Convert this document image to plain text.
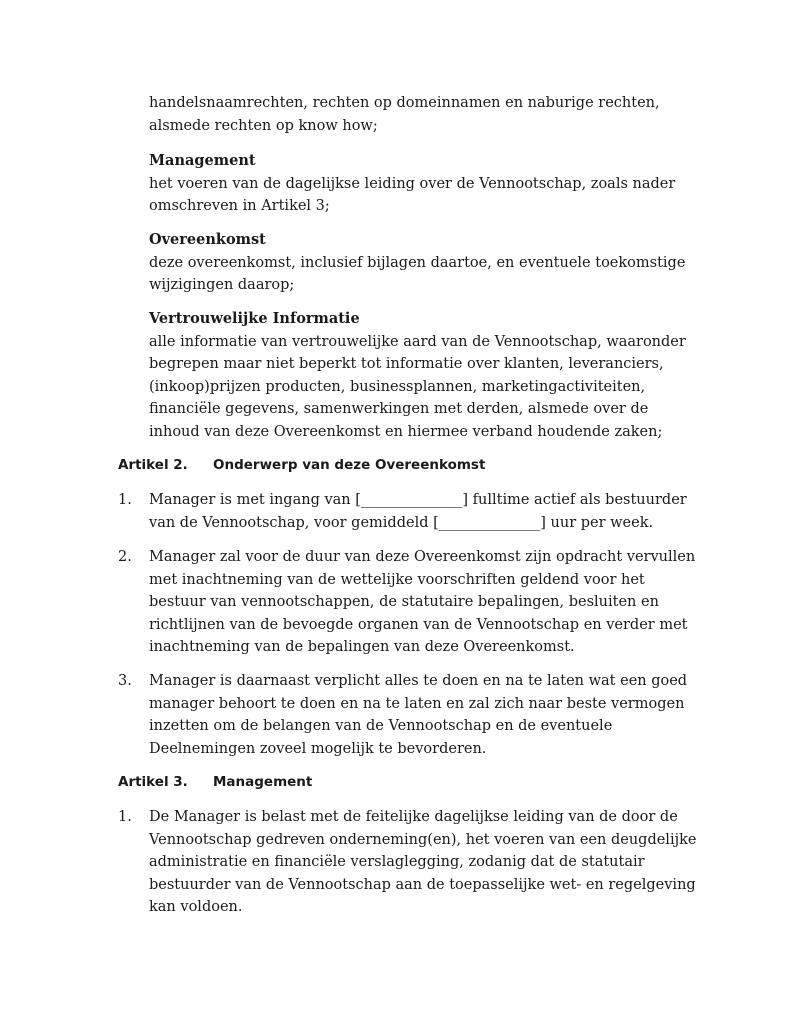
handelsnaamrechten, rechten op domeinnamen en naburige rechten, alsmede rechten op know how;

Management

het voeren van de dagelijkse leiding over de Vennootschap, zoals nader omschreven in Artikel 3;

Overeenkomst

deze overeenkomst, inclusief bijlagen daartoe, en eventuele toekomstige wijzigingen daarop;

Vertrouwelijke Informatie

alle informatie van vertrouwelijke aard van de Vennootschap, waaronder begrepen maar niet beperkt tot informatie over klanten, leveranciers, (inkoop)prijzen producten, businessplannen, marketingactiviteiten, financiële gegevens, samenwerkingen met derden, alsmede over de inhoud van deze Overeenkomst en hiermee verband houdende zaken;

Artikel 2. Onderwerp van deze Overeenkomst
1. Manager is met ingang van [______________] fulltime actief als bestuurder van de Vennootschap, voor gemiddeld [______________] uur per week.

2. Manager zal voor de duur van deze Overeenkomst zijn opdracht vervullen met inachtneming van de wettelijke voorschriften geldend voor het bestuur van vennootschappen, de statutaire bepalingen, besluiten en richtlijnen van de bevoegde organen van de Vennootschap en verder met inachtneming van de bepalingen van deze Overeenkomst.

3. Manager is daarnaast verplicht alles te doen en na te laten wat een goed manager behoort te doen en na te laten en zal zich naar beste vermogen inzetten om de belangen van de Vennootschap en de eventuele Deelnemingen zoveel mogelijk te bevorderen.

Artikel 3. Management
1. De Manager is belast met de feitelijke dagelijkse leiding van de door de Vennootschap gedreven onderneming(en), het voeren van een deugdelijke administratie en financiële verslaglegging, zodanig dat de statutair bestuurder van de Vennootschap aan de toepasselijke wet- en regelgeving kan voldoen.
